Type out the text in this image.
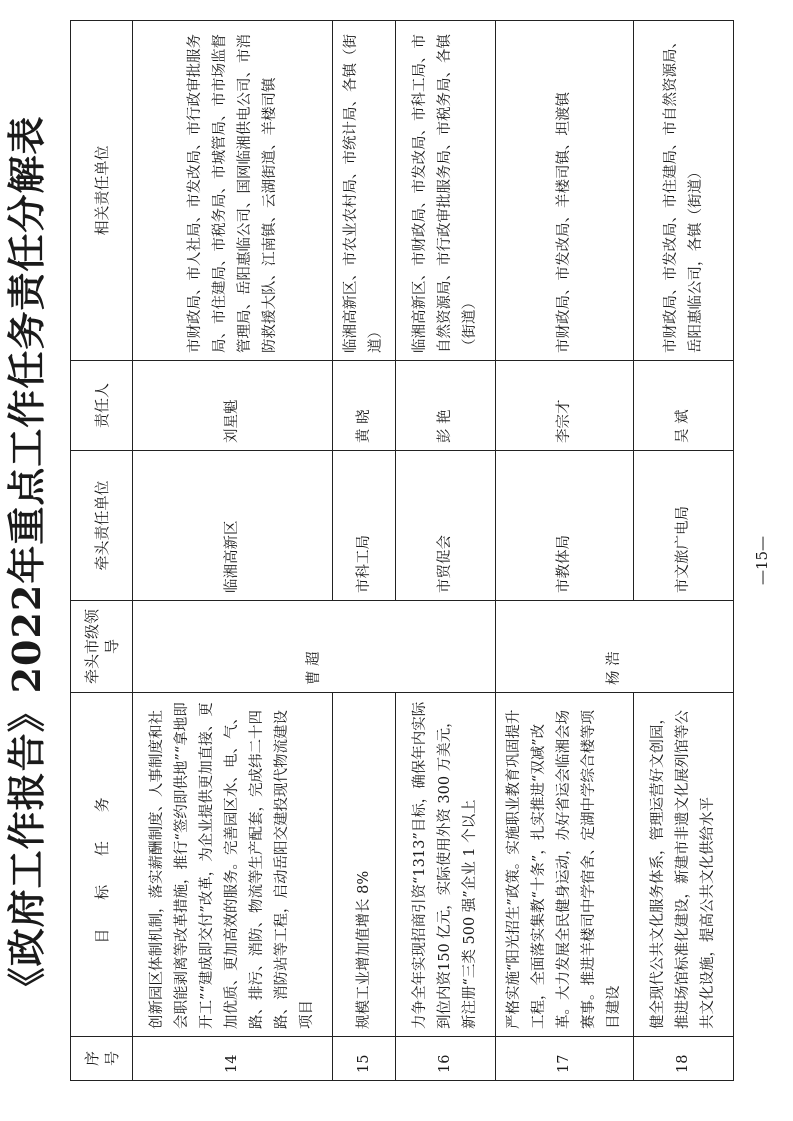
《政府工作报告》2022年重点工作任务责任分解表
序 号	目 标 任 务	牵头市级领导	牵头责任单位	责任人	相关责任单位
14	创新园区体制机制，落实薪酬制度、人事制度和社会职能剥离等改革措施，推行“签约即供地”“拿地即开工”“建成即交付”改革，为企业提供更加直接、更加优质、更加高效的服务。完善园区水、电、气、路、排污、消防、物流等生产配套，完成纬二十四路、消防站等工程，启动岳阳交建投现代物流建设项目	曹 超	临湘高新区	刘星魁	市财政局、市人社局、市发改局、市行政审批服务局、市住建局、市税务局、市城管局、市市场监督管理局、岳阳惠临公司、国网临湘供电公司、市消防救援大队、江南镇、云湖街道、羊楼司镇
15	规模工业增加值增长 8%		市科工局	黄 晓	临湘高新区、市农业农村局、市统计局、各镇（街道）
16	力争全年实现招商引资“1313”目标，确保年内实际到位内资150 亿元，实际使用外资 300 万美元，新注册“三类 500 强”企业 1 个以上		市贸促会	彭 艳	临湘高新区、市财政局、市发改局、市科工局、市自然资源局、市行政审批服务局、市税务局、各镇（街道）
17	严格实施“阳光招生”政策。实施职业教育巩固提升工程，全面落实集教“十条”，扎实推进“双减”改革。大力发展全民健身运动，办好省运会临湘会场赛事。推进羊楼司中学宿舍、定湖中学综合楼等项目建设	杨 浩	市教体局	李宗才	市财政局、市发改局、羊楼司镇、坦渡镇
18	健全现代公共文化服务体系，管理运营好文创园，推进场馆标准化建设，新建市非遗文化展列馆等公共文化设施，提高公共文化供给水平		市文旅广电局	吴 斌	市财政局、市发改局、市住建局、市自然资源局、岳阳惠临公司，各镇（街道）
—15—
